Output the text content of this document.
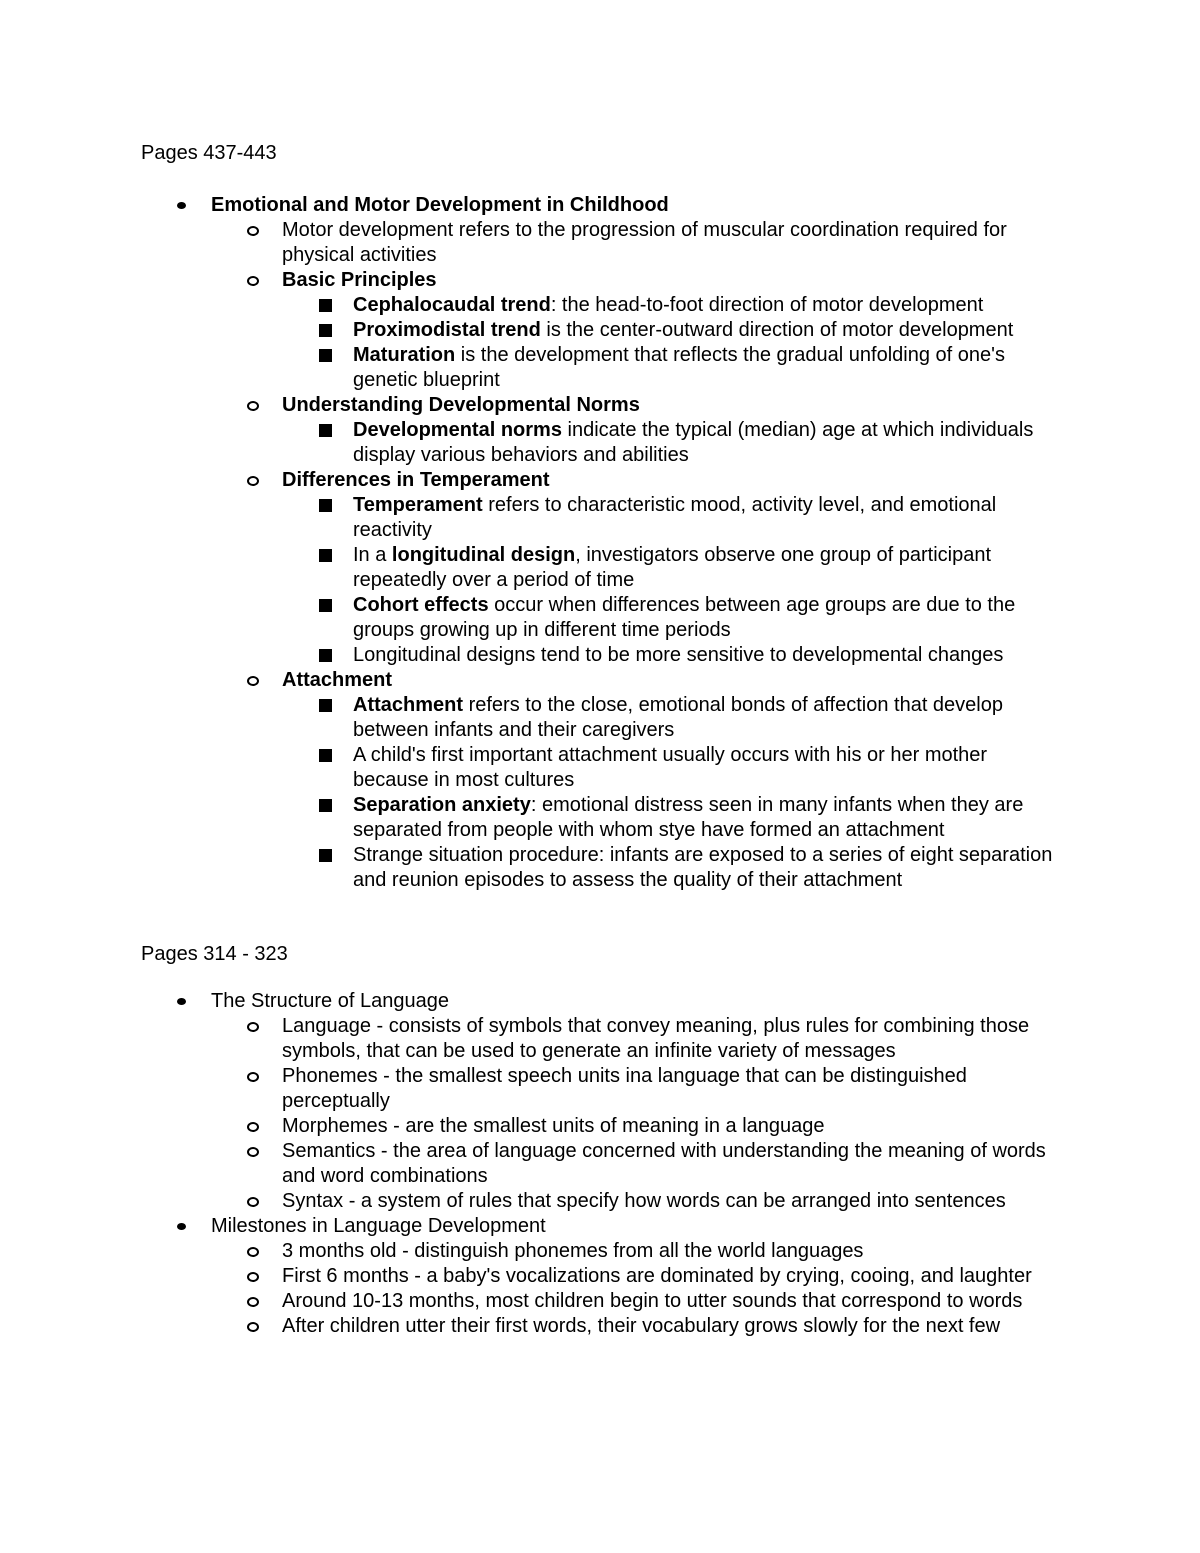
Pages 437-443
Emotional and Motor Development in Childhood
Motor development refers to the progression of muscular coordination required for physical activities
Basic Principles
Cephalocaudal trend: the head-to-foot direction of motor development
Proximodistal trend is the center-outward direction of motor development
Maturation is the development that reflects the gradual unfolding of one's genetic blueprint
Understanding Developmental Norms
Developmental norms indicate the typical (median) age at which individuals display various behaviors and abilities
Differences in Temperament
Temperament refers to characteristic mood, activity level, and emotional reactivity
In a longitudinal design, investigators observe one group of participant repeatedly over a period of time
Cohort effects occur when differences between age groups are due to the groups growing up in different time periods
Longitudinal designs tend to be more sensitive to developmental changes
Attachment
Attachment refers to the close, emotional bonds of affection that develop between infants and their caregivers
A child's first important attachment usually occurs with his or her mother because in most cultures
Separation anxiety: emotional distress seen in many infants when they are separated from people with whom stye have formed an attachment
Strange situation procedure: infants are exposed to a series of eight separation and reunion episodes to assess the quality of their attachment
Pages 314 - 323
The Structure of Language
Language - consists of symbols that convey meaning, plus rules for combining those symbols, that can be used to generate an infinite variety of messages
Phonemes - the smallest speech units ina language that can be distinguished perceptually
Morphemes - are the smallest units of meaning in a language
Semantics - the area of language concerned with understanding the meaning of words and word combinations
Syntax - a system of rules that specify how words can be arranged into sentences
Milestones in Language Development
3 months old - distinguish phonemes from all the world languages
First 6 months - a baby's vocalizations are dominated by crying, cooing, and laughter
Around 10-13 months, most children begin to utter sounds that correspond to words
After children utter their first words, their vocabulary grows slowly for the next few
